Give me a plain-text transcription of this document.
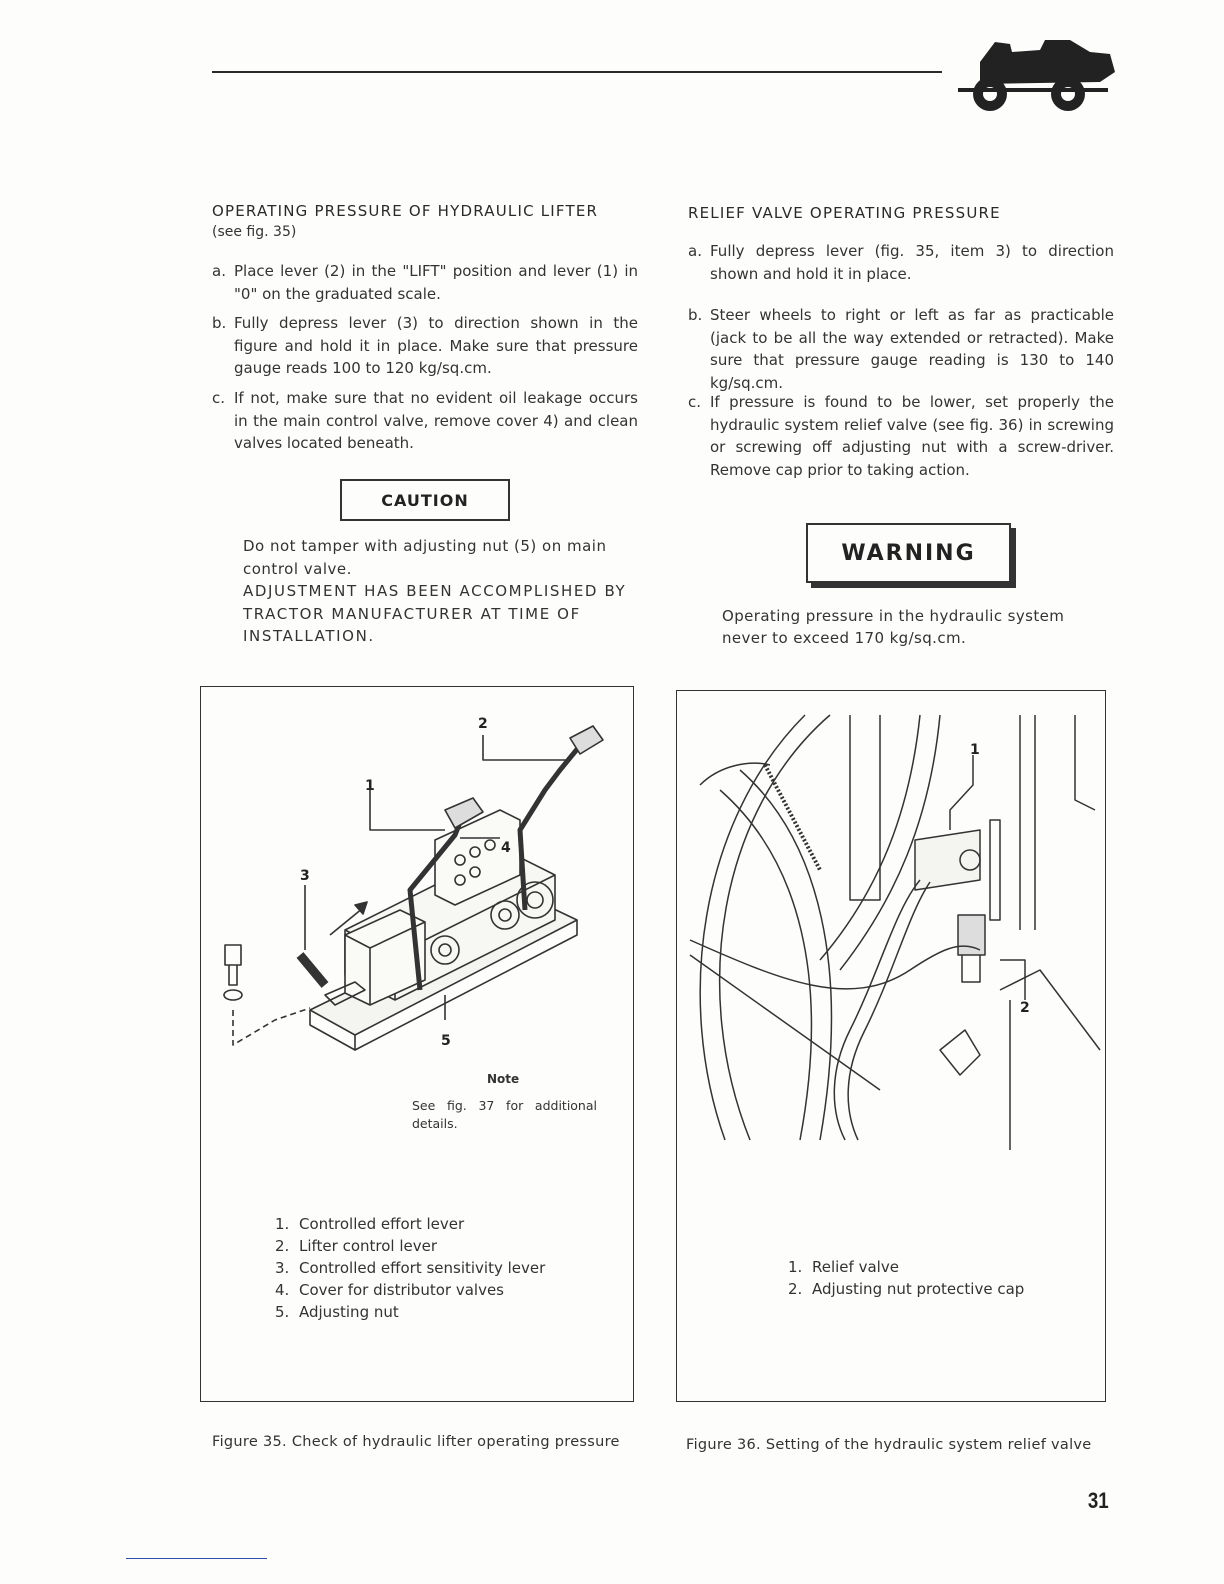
OPERATING PRESSURE OF HYDRAULIC LIFTER
(see fig. 35)
a. Place lever (2) in the "LIFT" position and lever (1) in "0" on the graduated scale.
b. Fully depress lever (3) to direction shown in the figure and hold it in place. Make sure that pressure gauge reads 100 to 120 kg/sq.cm.
c. If not, make sure that no evident oil leakage occurs in the main control valve, remove cover 4) and clean valves located beneath.
CAUTION
Do not tamper with adjusting nut (5) on main control valve.
ADJUSTMENT HAS BEEN ACCOMPLISHED BY TRACTOR MANUFACTURER AT TIME OF INSTALLATION.
RELIEF VALVE OPERATING PRESSURE
a. Fully depress lever (fig. 35, item 3) to direction shown and hold it in place.
b. Steer wheels to right or left as far as practicable (jack to be all the way extended or retracted). Make sure that pressure gauge reading is 130 to 140 kg/sq.cm.
c. If pressure is found to be lower, set properly the hydraulic system relief valve (see fig. 36) in screwing or screwing off adjusting nut with a screw-driver. Remove cap prior to taking action.
WARNING
Operating pressure in the hydraulic system never to exceed 170 kg/sq.cm.
2
1
3
4
5
Note
See fig. 37 for additional details.
1. Controlled effort lever
2. Lifter control lever
3. Controlled effort sensitivity lever
4. Cover for distributor valves
5. Adjusting nut
Figure 35. Check of hydraulic lifter operating pressure
1
2
1. Relief valve
2. Adjusting nut protective cap
Figure 36. Setting of the hydraulic system relief valve
31
